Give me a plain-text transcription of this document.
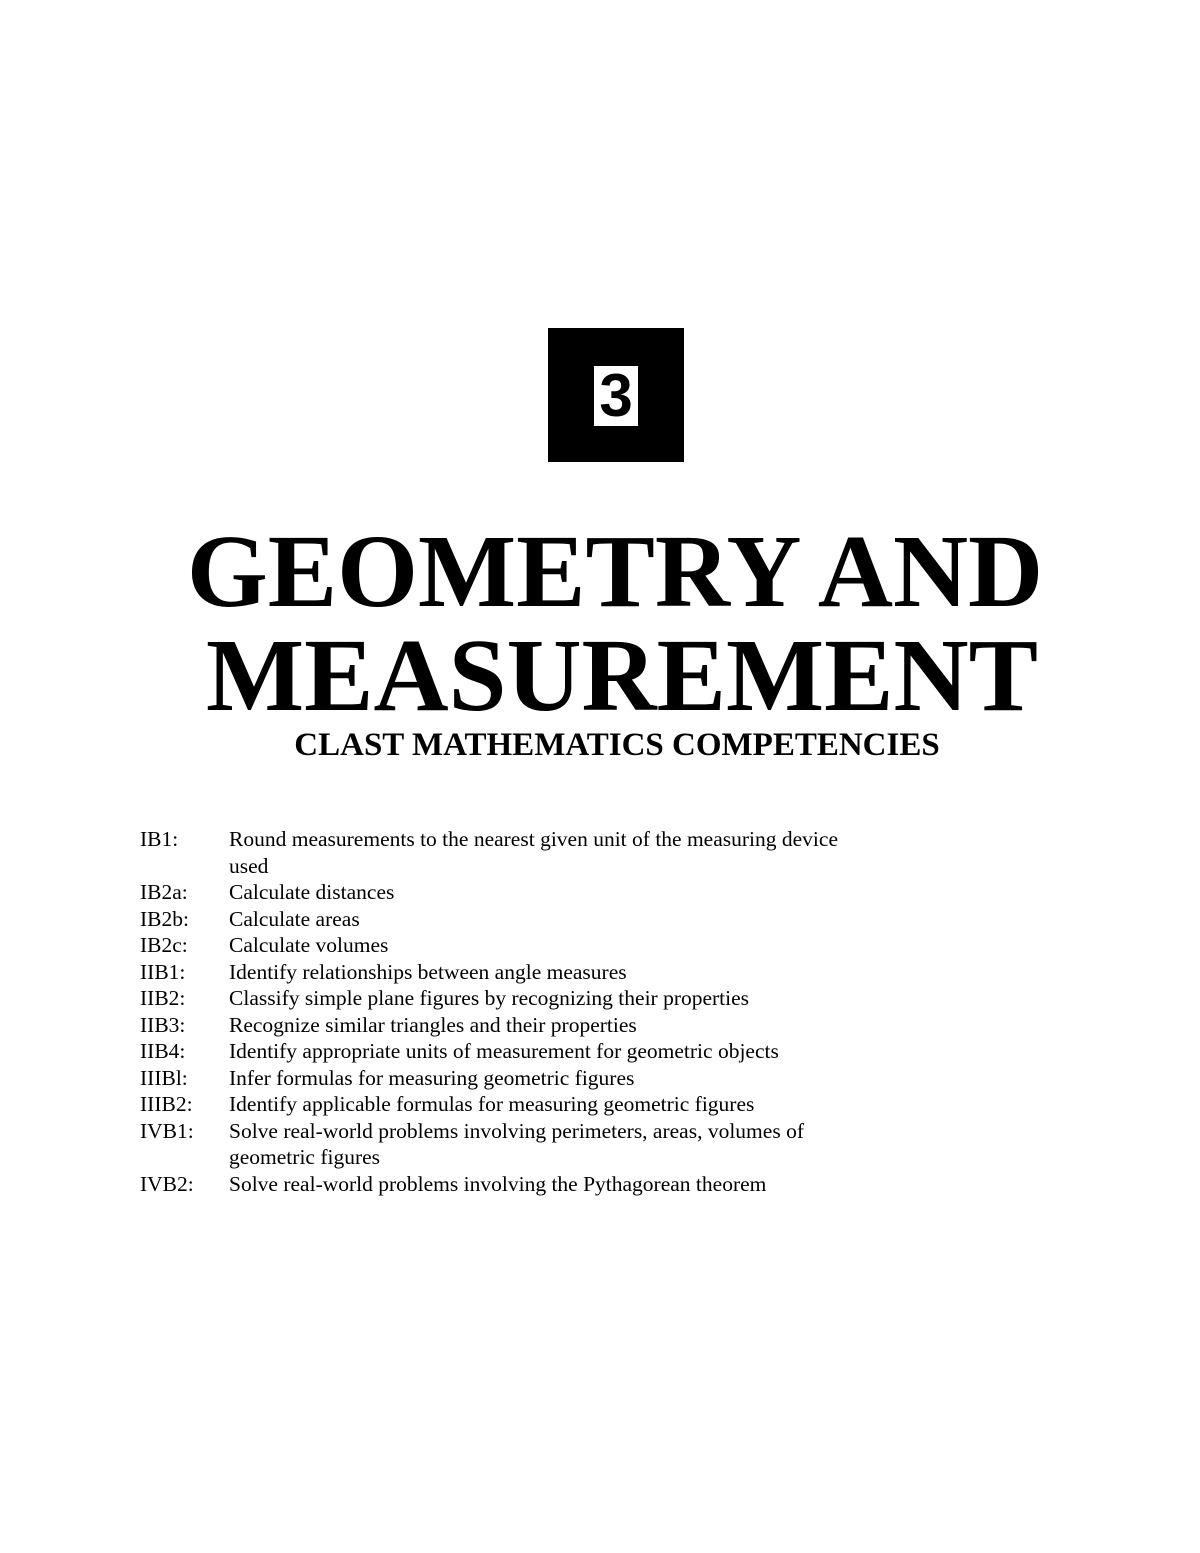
3
GEOMETRY AND
MEASUREMENT
CLAST MATHEMATICS COMPETENCIES
IB1:	Round measurements to the nearest given unit of the measuring device used
IB2a:	Calculate distances
IB2b:	Calculate areas
IB2c:	Calculate volumes
IIB1:	Identify relationships between angle measures
IIB2:	Classify simple plane figures by recognizing their properties
IIB3:	Recognize similar triangles and their properties
IIB4:	Identify appropriate units of measurement for geometric objects
IIIBl:	Infer formulas for measuring geometric figures
IIIB2:	Identify applicable formulas for measuring geometric figures
IVB1:	Solve real-world problems involving perimeters, areas, volumes of geometric figures
IVB2:	Solve real-world problems involving the Pythagorean theorem
